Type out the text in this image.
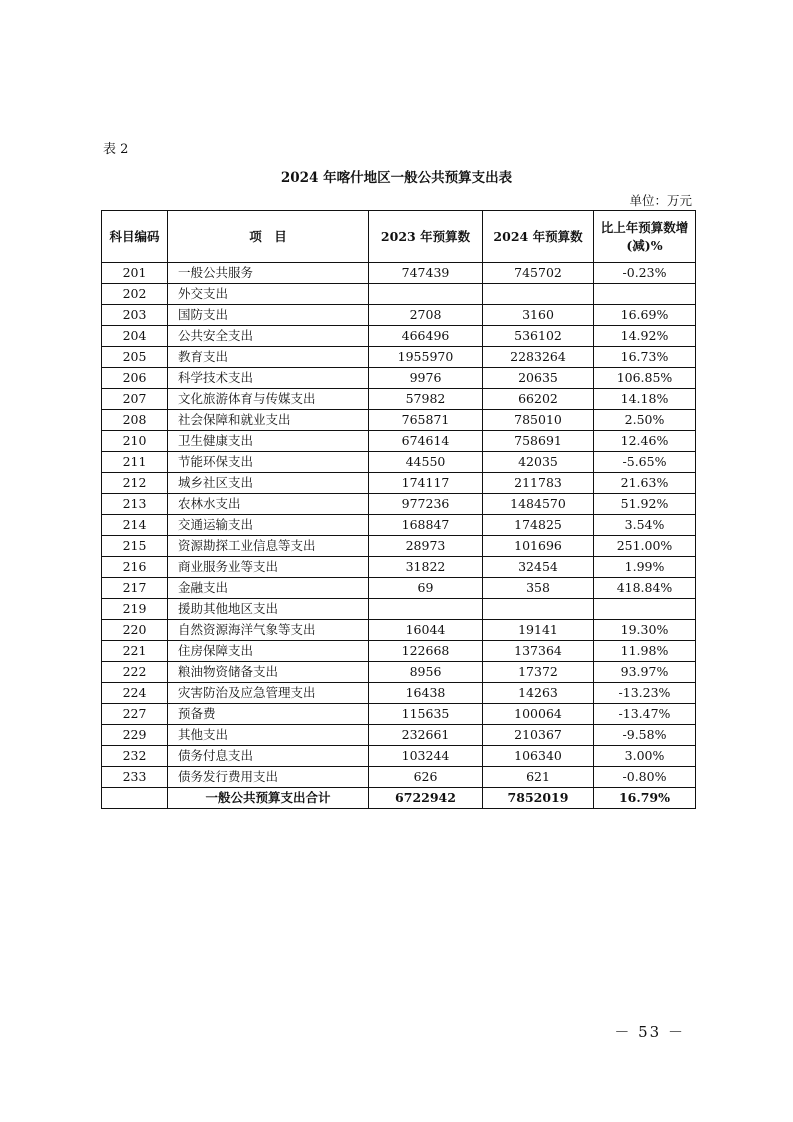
表 2
2024 年喀什地区一般公共预算支出表
单位：万元
科目编码	项　目	2023 年预算数	2024 年预算数	比上年预算数增
(减)%
201	一般公共服务	747439	745702	-0.23%
202	外交支出			
203	国防支出	2708	3160	16.69%
204	公共安全支出	466496	536102	14.92%
205	教育支出	1955970	2283264	16.73%
206	科学技术支出	9976	20635	106.85%
207	文化旅游体育与传媒支出	57982	66202	14.18%
208	社会保障和就业支出	765871	785010	2.50%
210	卫生健康支出	674614	758691	12.46%
211	节能环保支出	44550	42035	-5.65%
212	城乡社区支出	174117	211783	21.63%
213	农林水支出	977236	1484570	51.92%
214	交通运输支出	168847	174825	3.54%
215	资源勘探工业信息等支出	28973	101696	251.00%
216	商业服务业等支出	31822	32454	1.99%
217	金融支出	69	358	418.84%
219	援助其他地区支出			
220	自然资源海洋气象等支出	16044	19141	19.30%
221	住房保障支出	122668	137364	11.98%
222	粮油物资储备支出	8956	17372	93.97%
224	灾害防治及应急管理支出	16438	14263	-13.23%
227	预备费	115635	100064	-13.47%
229	其他支出	232661	210367	-9.58%
232	债务付息支出	103244	106340	3.00%
233	债务发行费用支出	626	621	-0.80%
	一般公共预算支出合计	6722942	7852019	16.79%
－ 53 －
